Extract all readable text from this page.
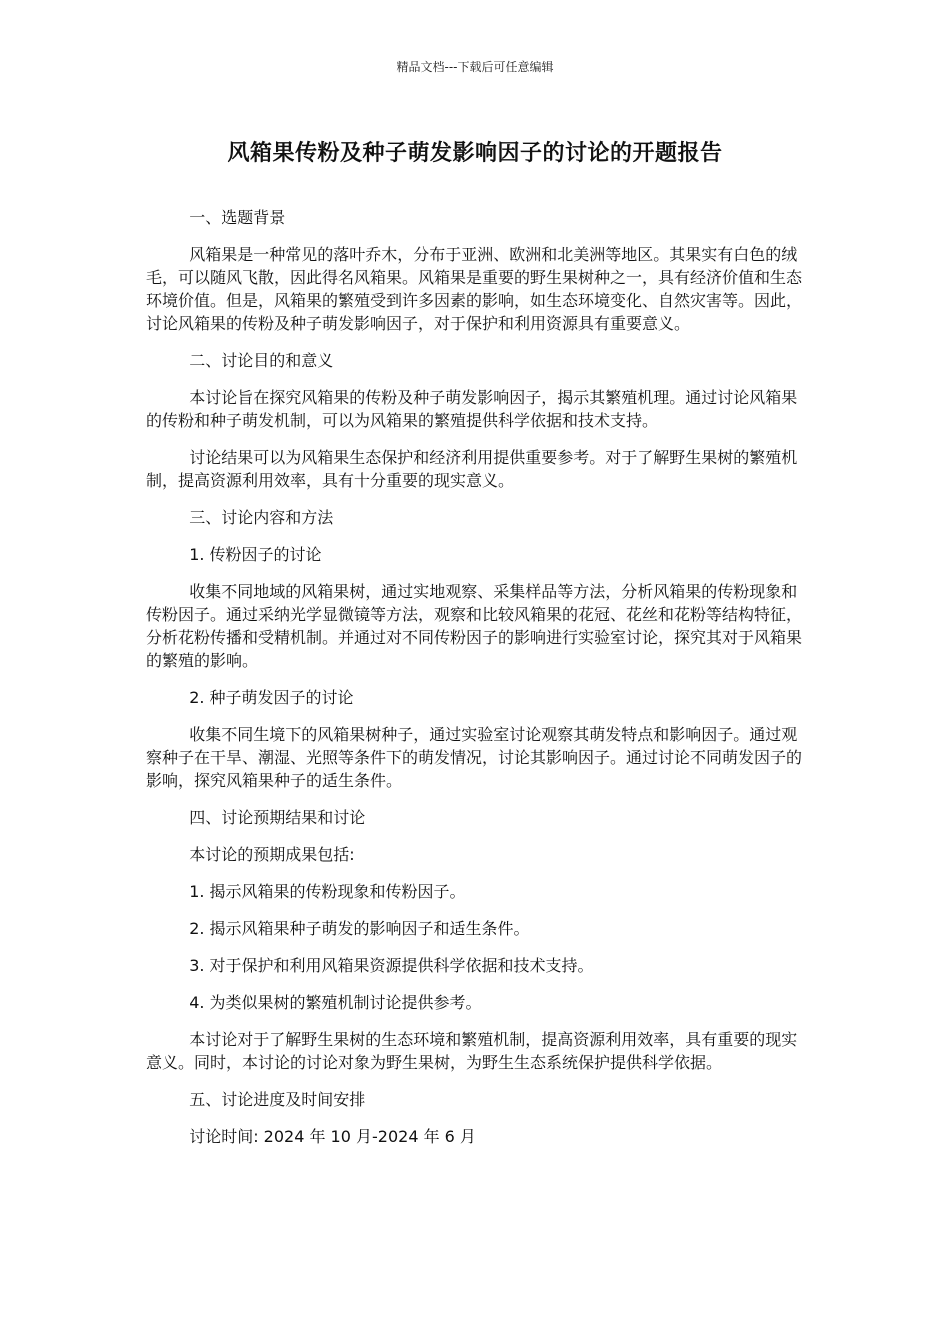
精品文档---下载后可任意编辑
风箱果传粉及种子萌发影响因子的讨论的开题报告

一、选题背景

风箱果是一种常见的落叶乔木，分布于亚洲、欧洲和北美洲等地区。其果实有白色的绒毛，可以随风飞散，因此得名风箱果。风箱果是重要的野生果树种之一，具有经济价值和生态环境价值。但是，风箱果的繁殖受到许多因素的影响，如生态环境变化、自然灾害等。因此，讨论风箱果的传粉及种子萌发影响因子，对于保护和利用资源具有重要意义。

二、讨论目的和意义

本讨论旨在探究风箱果的传粉及种子萌发影响因子，揭示其繁殖机理。通过讨论风箱果的传粉和种子萌发机制，可以为风箱果的繁殖提供科学依据和技术支持。

讨论结果可以为风箱果生态保护和经济利用提供重要参考。对于了解野生果树的繁殖机制，提高资源利用效率，具有十分重要的现实意义。

三、讨论内容和方法

1. 传粉因子的讨论

收集不同地域的风箱果树，通过实地观察、采集样品等方法，分析风箱果的传粉现象和传粉因子。通过采纳光学显微镜等方法，观察和比较风箱果的花冠、花丝和花粉等结构特征，分析花粉传播和受精机制。并通过对不同传粉因子的影响进行实验室讨论，探究其对于风箱果的繁殖的影响。

2. 种子萌发因子的讨论

收集不同生境下的风箱果树种子，通过实验室讨论观察其萌发特点和影响因子。通过观察种子在干旱、潮湿、光照等条件下的萌发情况，讨论其影响因子。通过讨论不同萌发因子的影响，探究风箱果种子的适生条件。

四、讨论预期结果和讨论

本讨论的预期成果包括:

1. 揭示风箱果的传粉现象和传粉因子。

2. 揭示风箱果种子萌发的影响因子和适生条件。

3. 对于保护和利用风箱果资源提供科学依据和技术支持。

4. 为类似果树的繁殖机制讨论提供参考。

本讨论对于了解野生果树的生态环境和繁殖机制，提高资源利用效率，具有重要的现实意义。同时，本讨论的讨论对象为野生果树，为野生生态系统保护提供科学依据。

五、讨论进度及时间安排

讨论时间: 2024 年 10 月-2024 年 6 月
